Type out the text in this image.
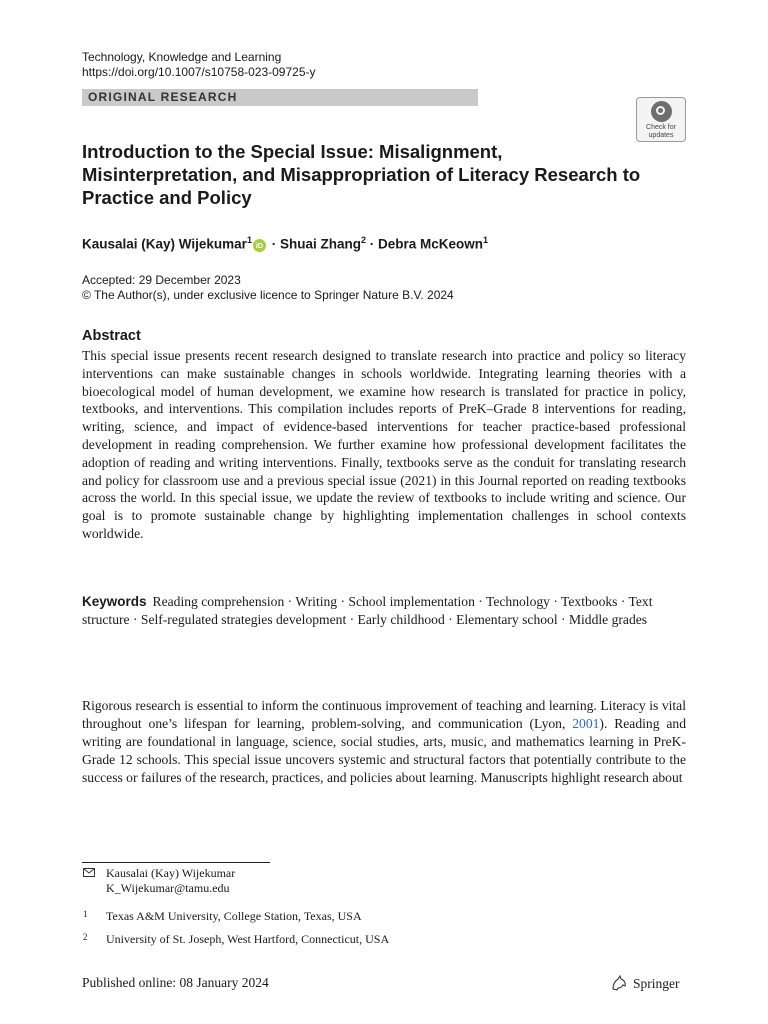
Technology, Knowledge and Learning
https://doi.org/10.1007/s10758-023-09725-y
ORIGINAL RESEARCH
Check for
updates
Introduction to the Special Issue: Misalignment, Misinterpretation, and Misappropriation of Literacy Research to Practice and Policy
Kausalai (Kay) Wijekumar$^1$ iD · Shuai Zhang$^2$ · Debra McKeown$^1$
Accepted: 29 December 2023
© The Author(s), under exclusive licence to Springer Nature B.V. 2024
Abstract
This special issue presents recent research designed to translate research into practice and policy so literacy interventions can make sustainable changes in schools worldwide. Integrating learning theories with a bioecological model of human development, we examine how research is translated for practice in policy, textbooks, and interventions. This compilation includes reports of PreK–Grade 8 interventions for reading, writing, science, and impact of evidence-based interventions for teacher practice-based professional development in reading comprehension. We further examine how professional development facilitates the adoption of reading and writing interventions. Finally, textbooks serve as the conduit for translating research and policy for classroom use and a previous special issue (2021) in this Journal reported on reading textbooks across the world. In this special issue, we update the review of textbooks to include writing and science. Our goal is to promote sustainable change by highlighting implementation challenges in school contexts worldwide.
Keywords Reading comprehension · Writing · School implementation · Technology · Textbooks · Text structure · Self-regulated strategies development · Early childhood · Elementary school · Middle grades
Rigorous research is essential to inform the continuous improvement of teaching and learning. Literacy is vital throughout one’s lifespan for learning, problem-solving, and communication (Lyon, 2001). Reading and writing are foundational in language, science, social studies, arts, music, and mathematics learning in PreK-Grade 12 schools. This special issue uncovers systemic and structural factors that potentially contribute to the success or failures of the research, practices, and policies about learning. Manuscripts highlight research about
Kausalai (Kay) Wijekumar
K_Wijekumar@tamu.edu
1 Texas A&M University, College Station, Texas, USA
2 University of St. Joseph, West Hartford, Connecticut, USA
Published online: 08 January 2024	Springer
